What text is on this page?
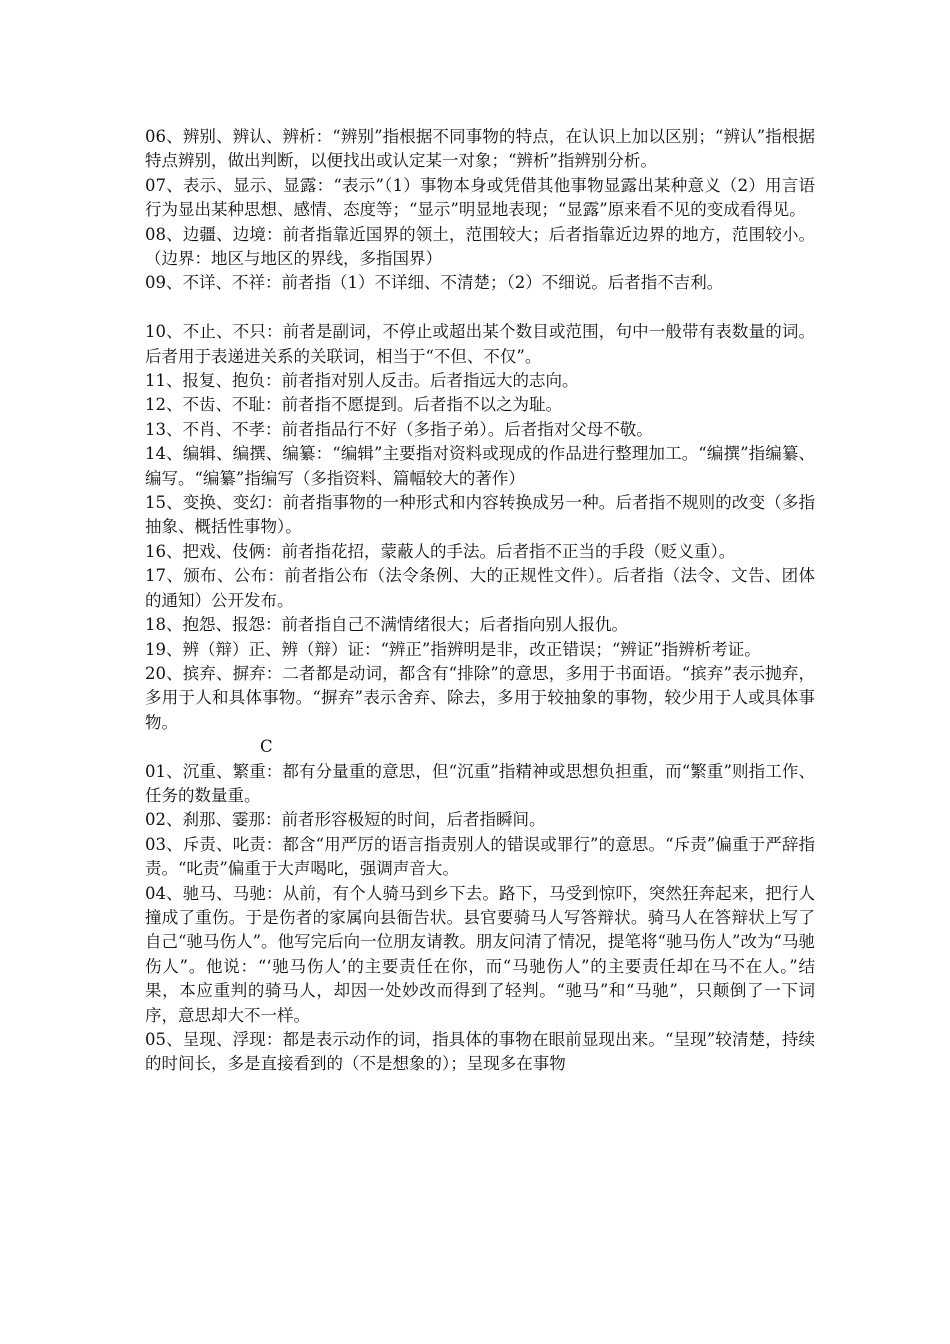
06、辨别、辨认、辨析：“辨别”指根据不同事物的特点，在认识上加以区别；“辨认”指根据特点辨别，做出判断，以便找出或认定某一对象；“辨析”指辨别分析。

07、表示、显示、显露：“表示”（1）事物本身或凭借其他事物显露出某种意义（2）用言语行为显出某种思想、感情、态度等；“显示”明显地表现；“显露”原来看不见的变成看得见。

08、边疆、边境：前者指靠近国界的领土，范围较大；后者指靠近边界的地方，范围较小。（边界：地区与地区的界线，多指国界）

09、不详、不祥：前者指（1）不详细、不清楚；（2）不细说。后者指不吉利。

10、不止、不只：前者是副词，不停止或超出某个数目或范围，句中一般带有表数量的词。后者用于表递进关系的关联词，相当于“不但、不仅”。

11、报复、抱负：前者指对别人反击。后者指远大的志向。

12、不齿、不耻：前者指不愿提到。后者指不以之为耻。

13、不肖、不孝：前者指品行不好（多指子弟）。后者指对父母不敬。

14、编辑、编撰、编纂：“编辑”主要指对资料或现成的作品进行整理加工。“编撰”指编纂、编写。“编纂”指编写（多指资料、篇幅较大的著作）

15、变换、变幻：前者指事物的一种形式和内容转换成另一种。后者指不规则的改变（多指抽象、概括性事物）。

16、把戏、伎俩：前者指花招，蒙蔽人的手法。后者指不正当的手段（贬义重）。

17、颁布、公布：前者指公布（法令条例、大的正规性文件）。后者指（法令、文告、团体的通知）公开发布。

18、抱怨、报怨：前者指自己不满情绪很大；后者指向别人报仇。

19、辨（辩）正、辨（辩）证：“辨正”指辨明是非，改正错误；“辨证”指辨析考证。

20、摈弃、摒弃：二者都是动词，都含有“排除”的意思，多用于书面语。“摈弃”表示抛弃，多用于人和具体事物。“摒弃”表示舍弃、除去，多用于较抽象的事物，较少用于人或具体事物。

C

01、沉重、繁重：都有分量重的意思，但“沉重”指精神或思想负担重，而“繁重”则指工作、任务的数量重。

02、刹那、霎那：前者形容极短的时间，后者指瞬间。

03、斥责、叱责：都含“用严厉的语言指责别人的错误或罪行”的意思。“斥责”偏重于严辞指责。“叱责”偏重于大声喝叱，强调声音大。

04、驰马、马驰：从前，有个人骑马到乡下去。路下，马受到惊吓，突然狂奔起来，把行人撞成了重伤。于是伤者的家属向县衙告状。县官要骑马人写答辩状。骑马人在答辩状上写了自己“驰马伤人”。他写完后向一位朋友请教。朋友问清了情况，提笔将“驰马伤人”改为“马驰伤人”。他说：“‘驰马伤人’的主要责任在你，而“马驰伤人”的主要责任却在马不在人。”结果，本应重判的骑马人，却因一处妙改而得到了轻判。“驰马”和“马驰”，只颠倒了一下词序，意思却大不一样。

05、呈现、浮现：都是表示动作的词，指具体的事物在眼前显现出来。“呈现”较清楚，持续的时间长，多是直接看到的（不是想象的）；呈现多在事物
